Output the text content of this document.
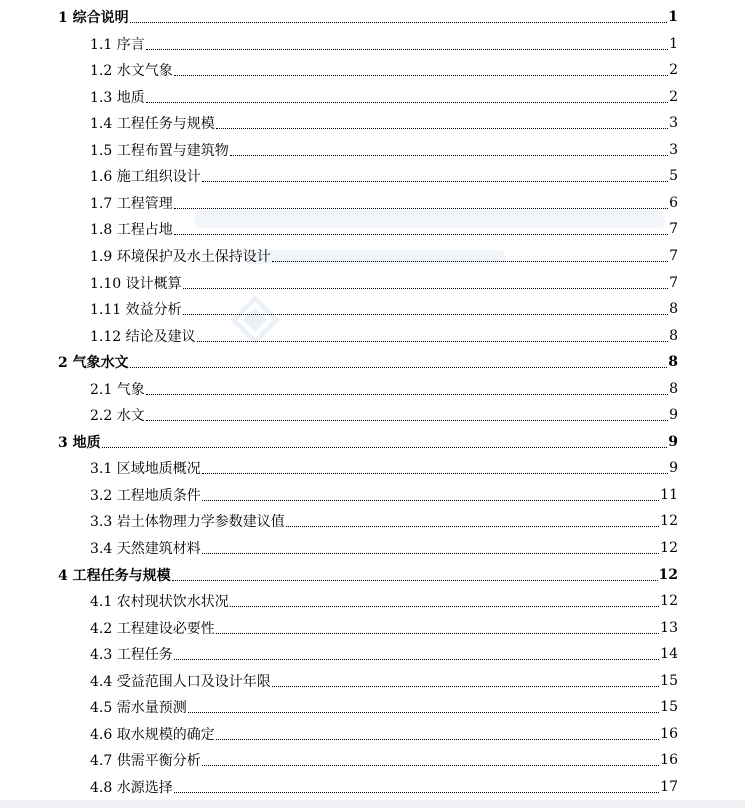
1 综合说明	1
1.1 序言	1
1.2 水文气象	2
1.3 地质	2
1.4 工程任务与规模	3
1.5 工程布置与建筑物	3
1.6 施工组织设计	5
1.7 工程管理	6
1.8 工程占地	7
1.9 环境保护及水土保持设计	7
1.10 设计概算	7
1.11 效益分析	8
1.12 结论及建议	8
2 气象水文	8
2.1 气象	8
2.2 水文	9
3 地质	9
3.1 区域地质概况	9
3.2 工程地质条件	11
3.3 岩土体物理力学参数建议值	12
3.4 天然建筑材料	12
4 工程任务与规模	12
4.1 农村现状饮水状况	12
4.2 工程建设必要性	13
4.3 工程任务	14
4.4 受益范围人口及设计年限	15
4.5 需水量预测	15
4.6 取水规模的确定	16
4.7 供需平衡分析	16
4.8 水源选择	17
